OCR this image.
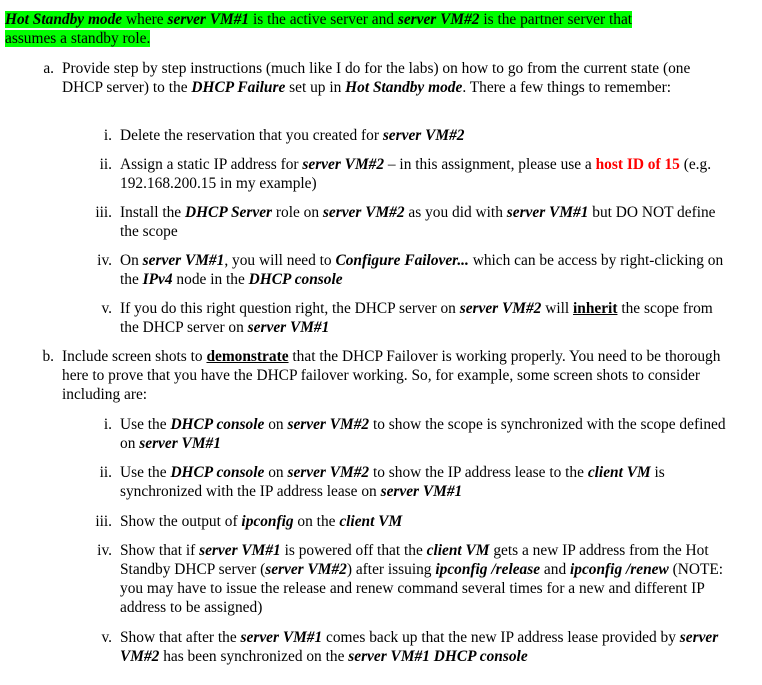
Hot Standby mode where server VM#1 is the active server and server VM#2 is the partner server that
assumes a standby role.
a. Provide step by step instructions (much like I do for the labs) on how to go from the current state (one DHCP server) to the DHCP Failure set up in Hot Standby mode. There a few things to remember:
i. Delete the reservation that you created for server VM#2
ii. Assign a static IP address for server VM#2 – in this assignment, please use a host ID of 15 (e.g. 192.168.200.15 in my example)
iii. Install the DHCP Server role on server VM#2 as you did with server VM#1 but DO NOT define the scope
iv. On server VM#1, you will need to Configure Failover... which can be access by right-clicking on the IPv4 node in the DHCP console
v. If you do this right question right, the DHCP server on server VM#2 will inherit the scope from the DHCP server on server VM#1
b. Include screen shots to demonstrate that the DHCP Failover is working properly. You need to be thorough here to prove that you have the DHCP failover working. So, for example, some screen shots to consider including are:
i. Use the DHCP console on server VM#2 to show the scope is synchronized with the scope defined on server VM#1
ii. Use the DHCP console on server VM#2 to show the IP address lease to the client VM is synchronized with the IP address lease on server VM#1
iii. Show the output of ipconfig on the client VM
iv. Show that if server VM#1 is powered off that the client VM gets a new IP address from the Hot Standby DHCP server (server VM#2) after issuing ipconfig /release and ipconfig /renew (NOTE: you may have to issue the release and renew command several times for a new and different IP address to be assigned)
v. Show that after the server VM#1 comes back up that the new IP address lease provided by server VM#2 has been synchronized on the server VM#1 DHCP console
